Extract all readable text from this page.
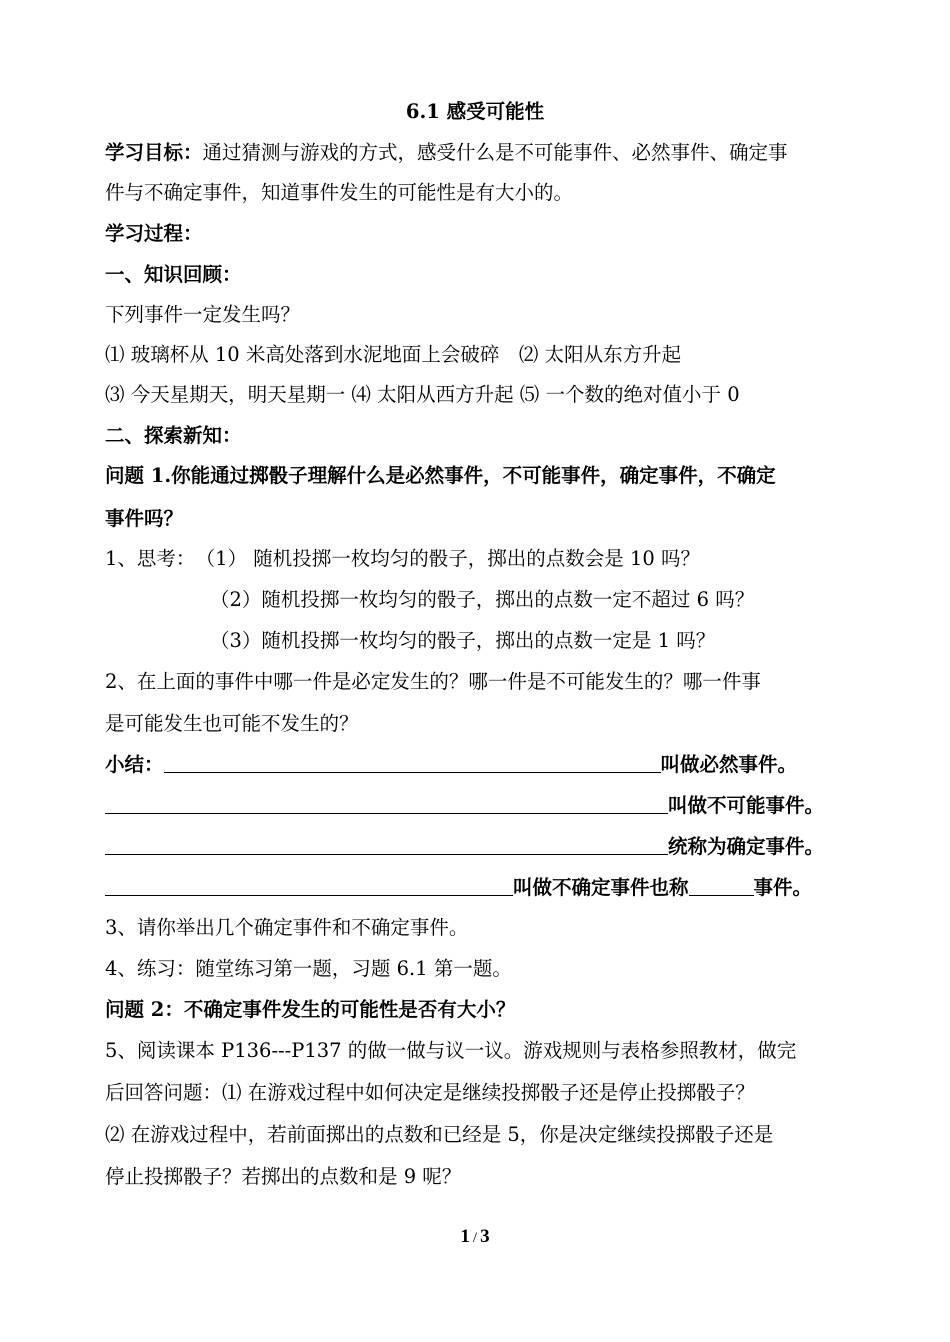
6.1 感受可能性
学习目标：通过猜测与游戏的方式，感受什么是不可能事件、必然事件、确定事
件与不确定事件，知道事件发生的可能性是有大小的。
学习过程：
一、知识回顾：
下列事件一定发生吗？
⑴ 玻璃杯从 10 米高处落到水泥地面上会破碎　⑵ 太阳从东方升起
⑶ 今天星期天，明天星期一 ⑷ 太阳从西方升起 ⑸ 一个数的绝对值小于 0
二、探索新知：
问题 1.你能通过掷骰子理解什么是必然事件，不可能事件，确定事件，不确定
事件吗？
1、思考： （1） 随机投掷一枚均匀的骰子，掷出的点数会是 10 吗？
（2）随机投掷一枚均匀的骰子，掷出的点数一定不超过 6 吗？
（3）随机投掷一枚均匀的骰子，掷出的点数一定是 1 吗？
2、在上面的事件中哪一件是必定发生的？哪一件是不可能发生的？哪一件事
是可能发生也可能不发生的？
小结：	叫做必然事件。
叫做不可能事件。
统称为确定事件。
叫做不确定事件也称	事件。
3、请你举出几个确定事件和不确定事件。
4、练习：随堂练习第一题，习题 6.1 第一题。
问题 2：不确定事件发生的可能性是否有大小？
5、阅读课本 P136---P137 的做一做与议一议。游戏规则与表格参照教材，做完
后回答问题：⑴ 在游戏过程中如何决定是继续投掷骰子还是停止投掷骰子？
⑵ 在游戏过程中，若前面掷出的点数和已经是 5，你是决定继续投掷骰子还是
停止投掷骰子？若掷出的点数和是 9 呢？
1 / 3
